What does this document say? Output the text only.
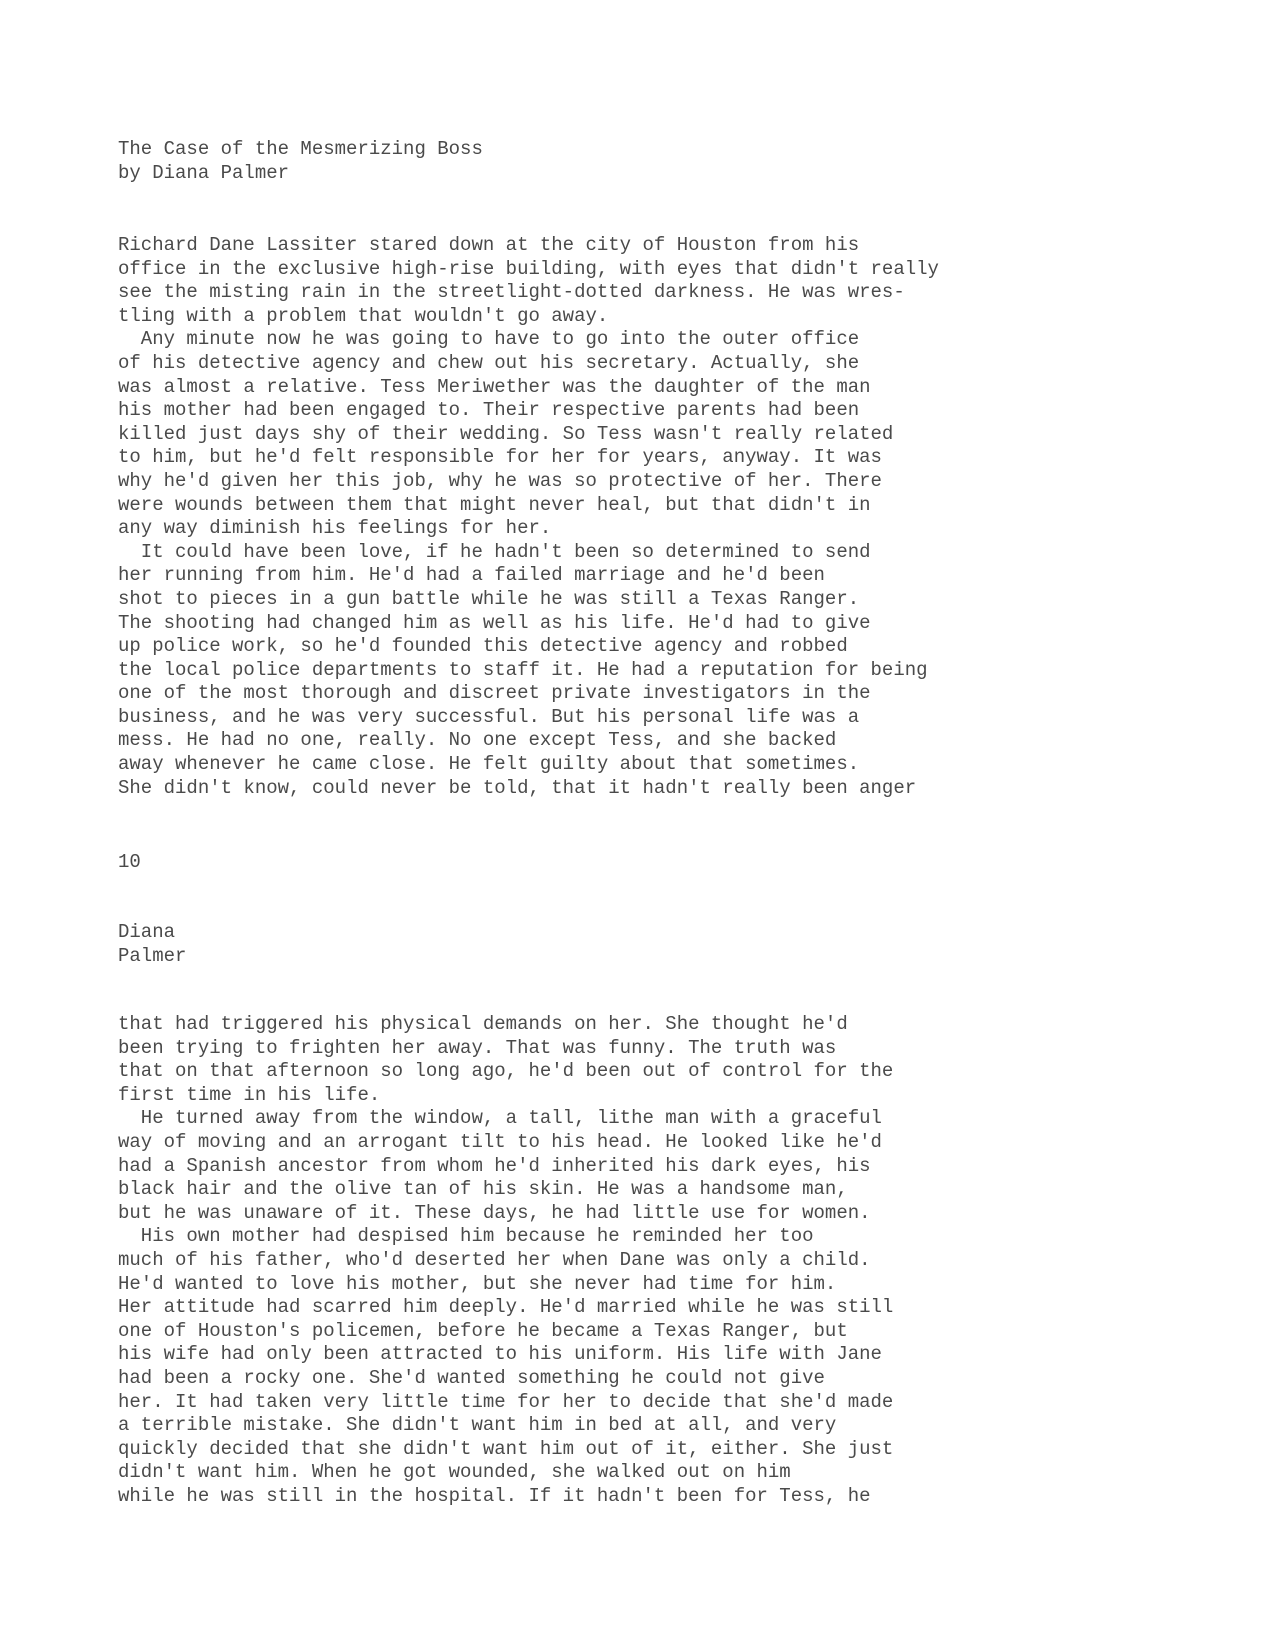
The Case of the Mesmerizing Boss
by Diana Palmer
Richard Dane Lassiter stared down at the city of Houston from his
office in the exclusive high-rise building, with eyes that didn't really
see the misting rain in the streetlight-dotted darkness. He was wres-
tling with a problem that wouldn't go away.
Any minute now he was going to have to go into the outer office
of his detective agency and chew out his secretary. Actually, she
was almost a relative. Tess Meriwether was the daughter of the man
his mother had been engaged to. Their respective parents had been
killed just days shy of their wedding. So Tess wasn't really related
to him, but he'd felt responsible for her for years, anyway. It was
why he'd given her this job, why he was so protective of her. There
were wounds between them that might never heal, but that didn't in
any way diminish his feelings for her.
It could have been love, if he hadn't been so determined to send
her running from him. He'd had a failed marriage and he'd been
shot to pieces in a gun battle while he was still a Texas Ranger.
The shooting had changed him as well as his life. He'd had to give
up police work, so he'd founded this detective agency and robbed
the local police departments to staff it. He had a reputation for being
one of the most thorough and discreet private investigators in the
business, and he was very successful. But his personal life was a
mess. He had no one, really. No one except Tess, and she backed
away whenever he came close. He felt guilty about that sometimes.
She didn't know, could never be told, that it hadn't really been anger
10
Diana
Palmer
that had triggered his physical demands on her. She thought he'd
been trying to frighten her away. That was funny. The truth was
that on that afternoon so long ago, he'd been out of control for the
first time in his life.
He turned away from the window, a tall, lithe man with a graceful
way of moving and an arrogant tilt to his head. He looked like he'd
had a Spanish ancestor from whom he'd inherited his dark eyes, his
black hair and the olive tan of his skin. He was a handsome man,
but he was unaware of it. These days, he had little use for women.
His own mother had despised him because he reminded her too
much of his father, who'd deserted her when Dane was only a child.
He'd wanted to love his mother, but she never had time for him.
Her attitude had scarred him deeply. He'd married while he was still
one of Houston's policemen, before he became a Texas Ranger, but
his wife had only been attracted to his uniform. His life with Jane
had been a rocky one. She'd wanted something he could not give
her. It had taken very little time for her to decide that she'd made
a terrible mistake. She didn't want him in bed at all, and very
quickly decided that she didn't want him out of it, either. She just
didn't want him. When he got wounded, she walked out on him
while he was still in the hospital. If it hadn't been for Tess, he
